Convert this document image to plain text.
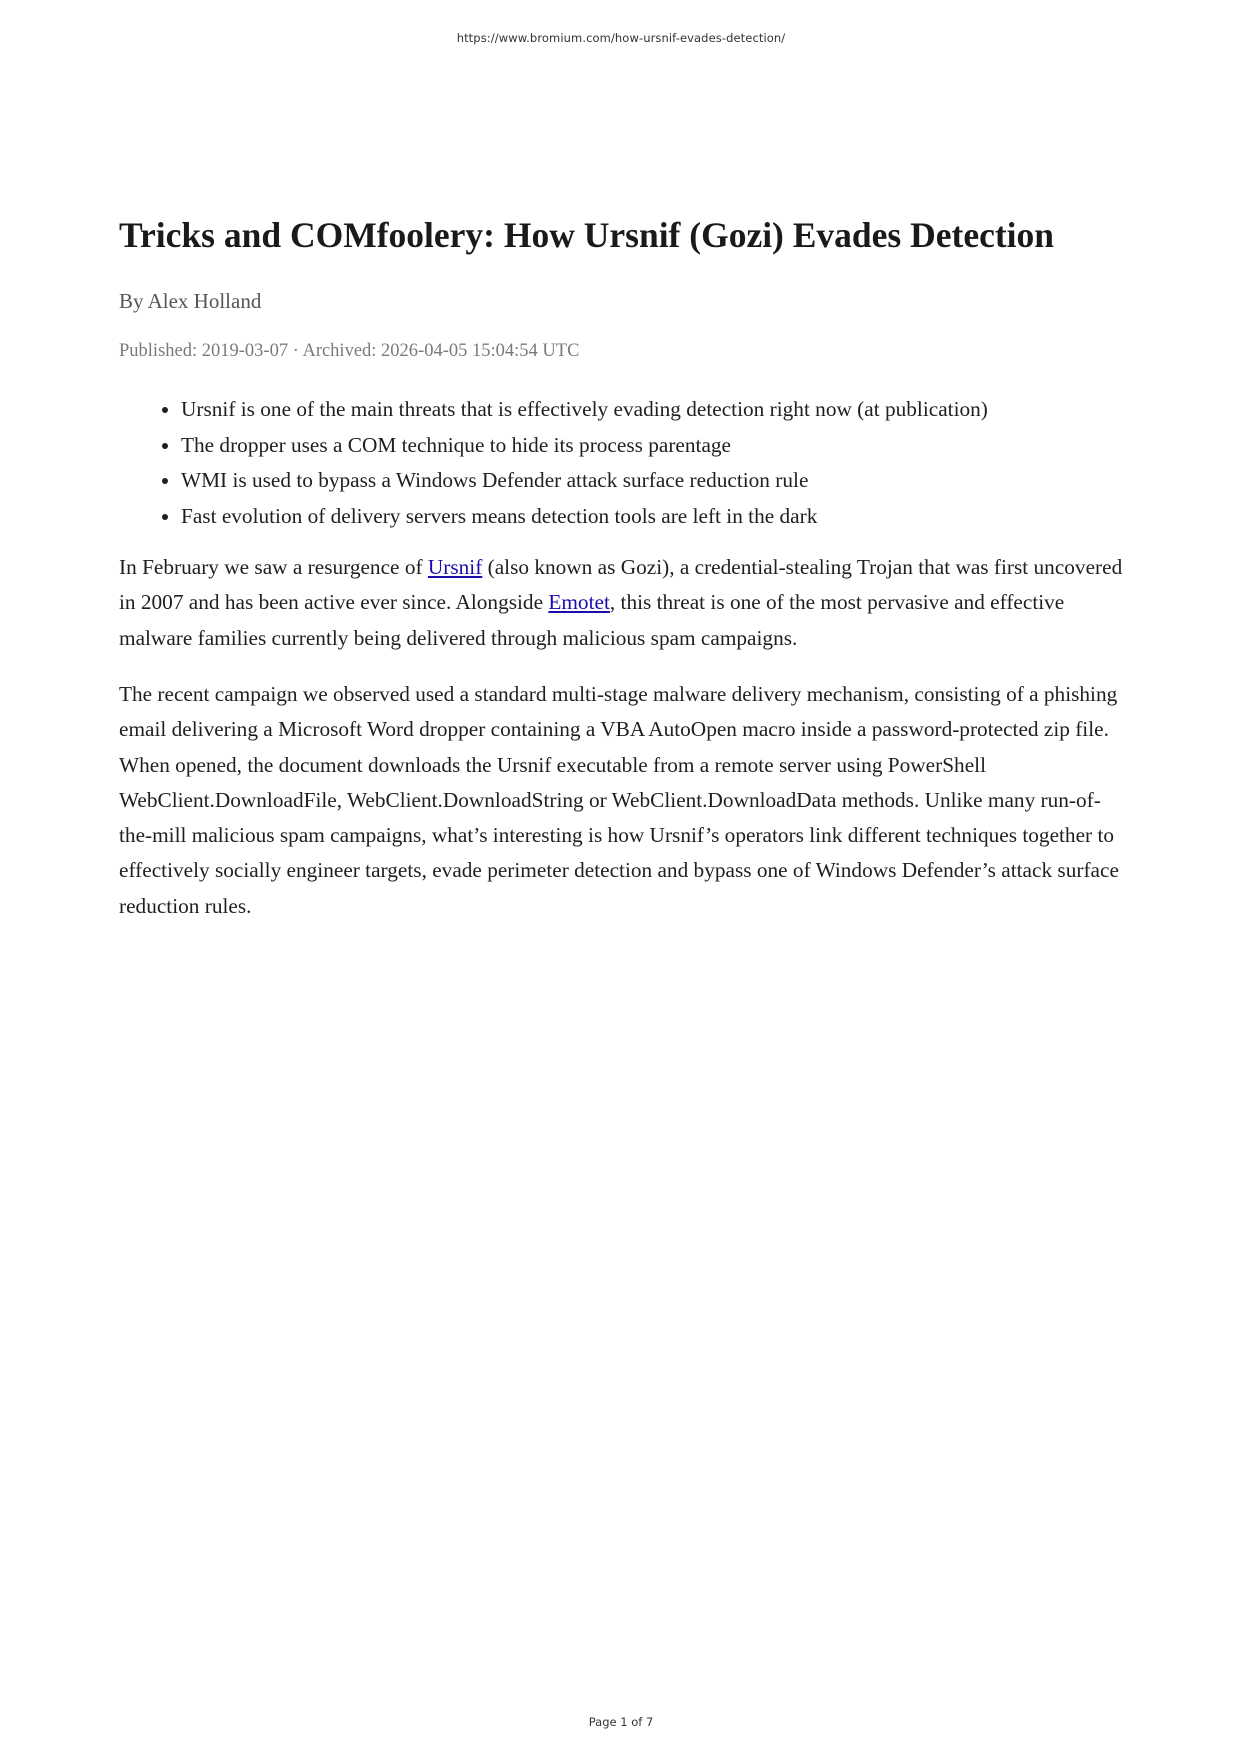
https://www.bromium.com/how-ursnif-evades-detection/
Tricks and COMfoolery: How Ursnif (Gozi) Evades Detection

By Alex Holland

Published: 2019-03-07 · Archived: 2026-04-05 15:04:54 UTC

• Ursnif is one of the main threats that is effectively evading detection right now (at publication)
• The dropper uses a COM technique to hide its process parentage
• WMI is used to bypass a Windows Defender attack surface reduction rule
• Fast evolution of delivery servers means detection tools are left in the dark

In February we saw a resurgence of Ursnif (also known as Gozi), a credential-stealing Trojan that was first uncovered in 2007 and has been active ever since. Alongside Emotet, this threat is one of the most pervasive and effective malware families currently being delivered through malicious spam campaigns.

The recent campaign we observed used a standard multi-stage malware delivery mechanism, consisting of a phishing email delivering a Microsoft Word dropper containing a VBA AutoOpen macro inside a password-protected zip file. When opened, the document downloads the Ursnif executable from a remote server using PowerShell WebClient.DownloadFile, WebClient.DownloadString or WebClient.DownloadData methods. Unlike many run-of-the-mill malicious spam campaigns, what’s interesting is how Ursnif’s operators link different techniques together to effectively socially engineer targets, evade perimeter detection and bypass one of Windows Defender’s attack surface reduction rules.

Page 1 of 7
